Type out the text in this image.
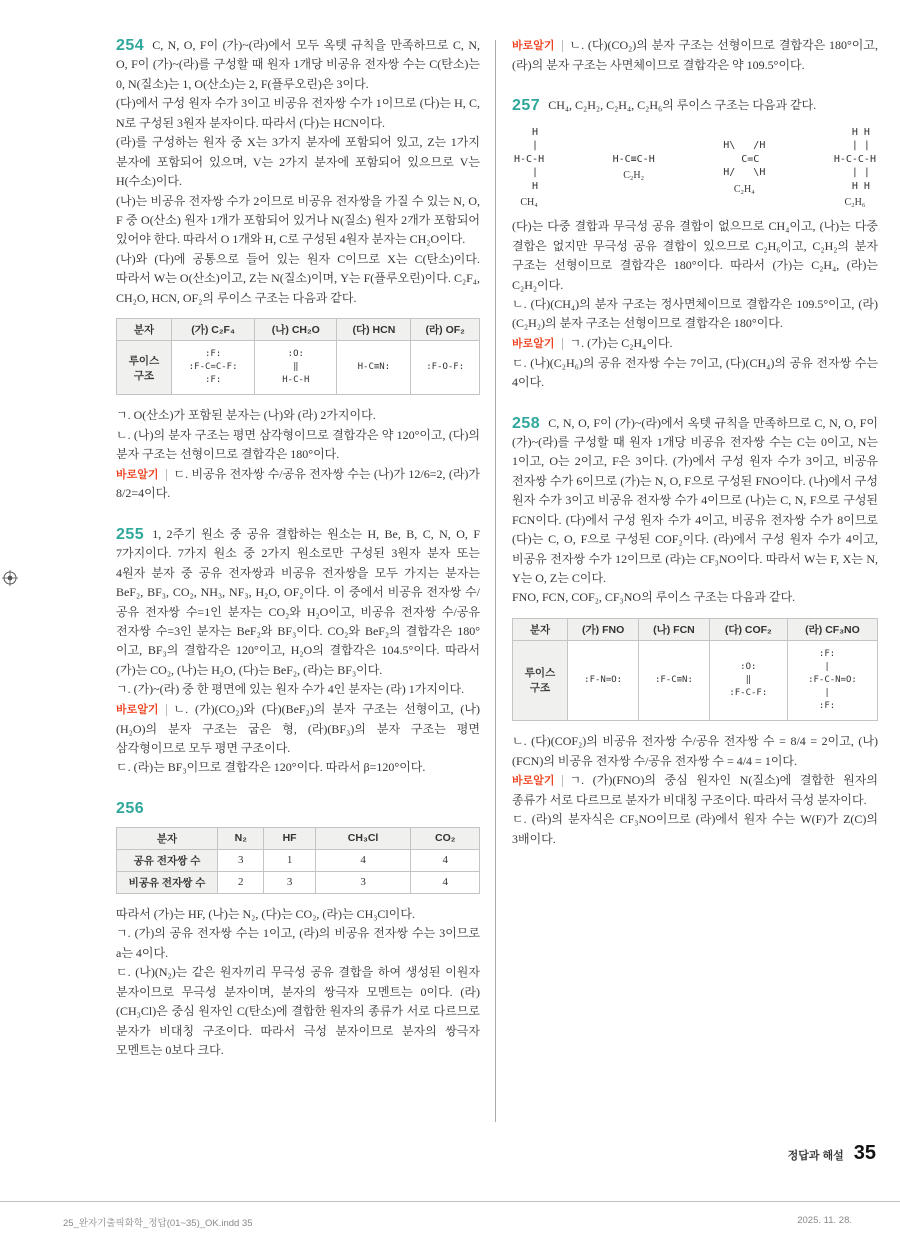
254 C, N, O, F이 (가)~(라)에서 모두 옥텟 규칙을 만족하므로 C, N, O, F이 (가)~(라)를 구성할 때 원자 1개당 비공유 전자쌍 수는 C(탄소)는 0, N(질소)는 1, O(산소)는 2, F(플루오린)은 3이다.

(다)에서 구성 원자 수가 3이고 비공유 전자쌍 수가 1이므로 (다)는 H, C, N로 구성된 3원자 분자이다. 따라서 (다)는 HCN이다.

(라)를 구성하는 원자 중 X는 3가지 분자에 포함되어 있고, Z는 1가지 분자에 포함되어 있으며, V는 2가지 분자에 포함되어 있으므로 V는 H(수소)이다.

(나)는 비공유 전자쌍 수가 2이므로 비공유 전자쌍을 가질 수 있는 N, O, F 중 O(산소) 원자 1개가 포함되어 있거나 N(질소) 원자 2개가 포함되어 있어야 한다. 따라서 O 1개와 H, C로 구성된 4원자 분자는 CH₂O이다.

(나)와 (다)에 공통으로 들어 있는 원자 C이므로 X는 C(탄소)이다. 따라서 W는 O(산소)이고, Z는 N(질소)이며, Y는 F(플루오린)이다. C₂F₄, CH₂O, HCN, OF₂의 루이스 구조는 다음과 같다.

분자	(가) C₂F₄	(나) CH₂O	(다) HCN	(라) OF₂
루이스
구조	:F:
:F-C=C-F:
:F:	:O:
‖
H-C-H	H-C≡N:	:F-O-F:

ㄱ. O(산소)가 포함된 분자는 (나)와 (라) 2가지이다.

ㄴ. (나)의 분자 구조는 평면 삼각형이므로 결합각은 약 120°이고, (다)의 분자 구조는 선형이므로 결합각은 180°이다.

바로알기 ㄷ. 비공유 전자쌍 수/공유 전자쌍 수는 (나)가 12/6=2, (라)가 8/2=4이다.

255 1, 2주기 원소 중 공유 결합하는 원소는 H, Be, B, C, N, O, F 7가지이다. 7가지 원소 중 2가지 원소로만 구성된 3원자 분자 또는 4원자 분자 중 공유 전자쌍과 비공유 전자쌍을 모두 가지는 분자는 BeF₂, BF₃, CO₂, NH₃, NF₃, H₂O, OF₂이다. 이 중에서 비공유 전자쌍 수/공유 전자쌍 수=1인 분자는 CO₂와 H₂O이고, 비공유 전자쌍 수/공유 전자쌍 수=3인 분자는 BeF₂와 BF₃이다. CO₂와 BeF₂의 결합각은 180°이고, BF₃의 결합각은 120°이고, H₂O의 결합각은 104.5°이다. 따라서 (가)는 CO₂, (나)는 H₂O, (다)는 BeF₂, (라)는 BF₃이다.

ㄱ. (가)~(라) 중 한 평면에 있는 원자 수가 4인 분자는 (라) 1가지이다.

바로알기 ㄴ. (가)(CO₂)와 (다)(BeF₂)의 분자 구조는 선형이고, (나)(H₂O)의 분자 구조는 굽은 형, (라)(BF₃)의 분자 구조는 평면 삼각형이므로 모두 평면 구조이다.

ㄷ. (라)는 BF₃이므로 결합각은 120°이다. 따라서 β=120°이다.

256
분자	N₂	HF	CH₃Cl	CO₂
공유 전자쌍 수	3	1	4	4
비공유 전자쌍 수	2	3	3	4

따라서 (가)는 HF, (나)는 N₂, (다)는 CO₂, (라)는 CH₃Cl이다.

ㄱ. (가)의 공유 전자쌍 수는 1이고, (라)의 비공유 전자쌍 수는 3이므로 a는 4이다.

ㄷ. (나)(N₂)는 같은 원자끼리 무극성 공유 결합을 하여 생성된 이원자 분자이므로 무극성 분자이며, 분자의 쌍극자 모멘트는 0이다. (라)(CH₃Cl)은 중심 원자인 C(탄소)에 결합한 원자의 종류가 서로 다르므로 분자가 비대칭 구조이다. 따라서 극성 분자이므로 분자의 쌍극자 모멘트는 0보다 크다.

바로알기 ㄴ. (다)(CO₂)의 분자 구조는 선형이므로 결합각은 180°이고, (라)의 분자 구조는 사면체이므로 결합각은 약 109.5°이다.

257 CH₄, C₂H₂, C₂H₄, C₂H₆의 루이스 구조는 다음과 같다.

H
|
H-C-H
|
H
CH₄
H-C≡C-H
C₂H₂
H\   /H
C=C
H/   \H
C₂H₄
H H
| |
H-C-C-H
| |
H H
C₂H₆

(다)는 다중 결합과 무극성 공유 결합이 없으므로 CH₄이고, (나)는 다중 결합은 없지만 무극성 공유 결합이 있으므로 C₂H₆이고, C₂H₂의 분자 구조는 선형이므로 결합각은 180°이다. 따라서 (가)는 C₂H₄, (라)는 C₂H₂이다.

ㄴ. (다)(CH₄)의 분자 구조는 정사면체이므로 결합각은 109.5°이고, (라)(C₂H₂)의 분자 구조는 선형이므로 결합각은 180°이다.

바로알기 ㄱ. (가)는 C₂H₄이다.

ㄷ. (나)(C₂H₆)의 공유 전자쌍 수는 7이고, (다)(CH₄)의 공유 전자쌍 수는 4이다.

258 C, N, O, F이 (가)~(라)에서 옥텟 규칙을 만족하므로 C, N, O, F이 (가)~(라)를 구성할 때 원자 1개당 비공유 전자쌍 수는 C는 0이고, N는 1이고, O는 2이고, F은 3이다. (가)에서 구성 원자 수가 3이고, 비공유 전자쌍 수가 6이므로 (가)는 N, O, F으로 구성된 FNO이다. (나)에서 구성 원자 수가 3이고 비공유 전자쌍 수가 4이므로 (나)는 C, N, F으로 구성된 FCN이다. (다)에서 구성 원자 수가 4이고, 비공유 전자쌍 수가 8이므로 (다)는 C, O, F으로 구성된 COF₂이다. (라)에서 구성 원자 수가 4이고, 비공유 전자쌍 수가 12이므로 (라)는 CF₃NO이다. 따라서 W는 F, X는 N, Y는 O, Z는 C이다.

FNO, FCN, COF₂, CF₃NO의 루이스 구조는 다음과 같다.

분자	(가) FNO	(나) FCN	(다) COF₂	(라) CF₃NO
루이스
구조	:F-N=O:	:F-C≡N:	:O:
‖
:F-C-F:	:F:
|
:F-C-N=O:
|
:F:

ㄴ. (다)(COF₂)의 비공유 전자쌍 수/공유 전자쌍 수 = 8/4 = 2이고, (나)(FCN)의 비공유 전자쌍 수/공유 전자쌍 수 = 4/4 = 1이다.

바로알기 ㄱ. (가)(FNO)의 중심 원자인 N(질소)에 결합한 원자의 종류가 서로 다르므로 분자가 비대칭 구조이다. 따라서 극성 분자이다.

ㄷ. (라)의 분자식은 CF₃NO이므로 (라)에서 원자 수는 W(F)가 Z(C)의 3배이다.

정답과 해설 35
25_완자기출픽화학_정답(01~35)_OK.indd 35	2025. 11. 28.
